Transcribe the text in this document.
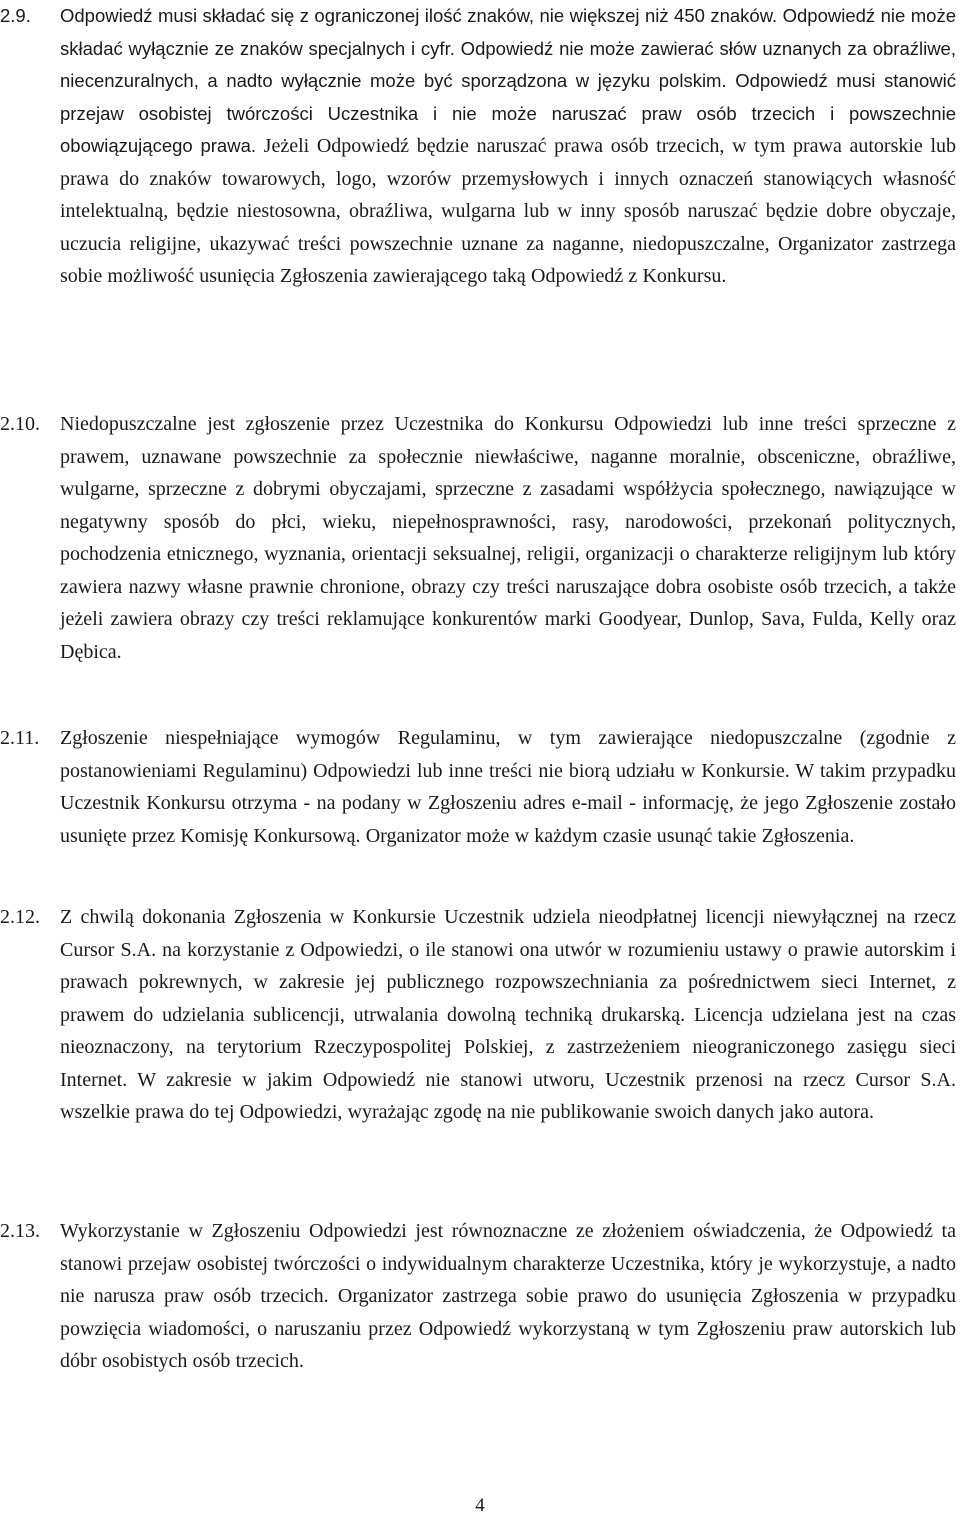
2.9. Odpowiedź musi składać się z ograniczonej ilość znaków, nie większej niż 450 znaków. Odpowiedź nie może składać wyłącznie ze znaków specjalnych i cyfr. Odpowiedź nie może zawierać słów uznanych za obraźliwe, niecenzuralnych, a nadto wyłącznie może być sporządzona w języku polskim. Odpowiedź musi stanowić przejaw osobistej twórczości Uczestnika i nie może naruszać praw osób trzecich i powszechnie obowiązującego prawa. Jeżeli Odpowiedź będzie naruszać prawa osób trzecich, w tym prawa autorskie lub prawa do znaków towarowych, logo, wzorów przemysłowych i innych oznaczeń stanowiących własność intelektualną, będzie niestosowna, obraźliwa, wulgarna lub w inny sposób naruszać będzie dobre obyczaje, uczucia religijne, ukazywać treści powszechnie uznane za naganne, niedopuszczalne, Organizator zastrzega sobie możliwość usunięcia Zgłoszenia zawierającego taką Odpowiedź z Konkursu.
2.10. Niedopuszczalne jest zgłoszenie przez Uczestnika do Konkursu Odpowiedzi lub inne treści sprzeczne z prawem, uznawane powszechnie za społecznie niewłaściwe, naganne moralnie, obsceniczne, obraźliwe, wulgarne, sprzeczne z dobrymi obyczajami, sprzeczne z zasadami współżycia społecznego, nawiązujące w negatywny sposób do płci, wieku, niepełnosprawności, rasy, narodowości, przekonań politycznych, pochodzenia etnicznego, wyznania, orientacji seksualnej, religii, organizacji o charakterze religijnym lub który zawiera nazwy własne prawnie chronione, obrazy czy treści naruszające dobra osobiste osób trzecich, a także jeżeli zawiera obrazy czy treści reklamujące konkurentów marki Goodyear, Dunlop, Sava, Fulda, Kelly oraz Dębica.
2.11. Zgłoszenie niespełniające wymogów Regulaminu, w tym zawierające niedopuszczalne (zgodnie z postanowieniami Regulaminu) Odpowiedzi lub inne treści nie biorą udziału w Konkursie. W takim przypadku Uczestnik Konkursu otrzyma - na podany w Zgłoszeniu adres e-mail - informację, że jego Zgłoszenie zostało usunięte przez Komisję Konkursową. Organizator może w każdym czasie usunąć takie Zgłoszenia.
2.12. Z chwilą dokonania Zgłoszenia w Konkursie Uczestnik udziela nieodpłatnej licencji niewyłącznej na rzecz Cursor S.A. na korzystanie z Odpowiedzi, o ile stanowi ona utwór w rozumieniu ustawy o prawie autorskim i prawach pokrewnych, w zakresie jej publicznego rozpowszechniania za pośrednictwem sieci Internet, z prawem do udzielania sublicencji, utrwalania dowolną techniką drukarską. Licencja udzielana jest na czas nieoznaczony, na terytorium Rzeczypospolitej Polskiej, z zastrzeżeniem nieograniczonego zasięgu sieci Internet. W zakresie w jakim Odpowiedź nie stanowi utworu, Uczestnik przenosi na rzecz Cursor S.A. wszelkie prawa do tej Odpowiedzi, wyrażając zgodę na nie publikowanie swoich danych jako autora.
2.13. Wykorzystanie w Zgłoszeniu Odpowiedzi jest równoznaczne ze złożeniem oświadczenia, że Odpowiedź ta stanowi przejaw osobistej twórczości o indywidualnym charakterze Uczestnika, który je wykorzystuje, a nadto nie narusza praw osób trzecich. Organizator zastrzega sobie prawo do usunięcia Zgłoszenia w przypadku powzięcia wiadomości, o naruszaniu przez Odpowiedź wykorzystaną w tym Zgłoszeniu praw autorskich lub dóbr osobistych osób trzecich.
4
